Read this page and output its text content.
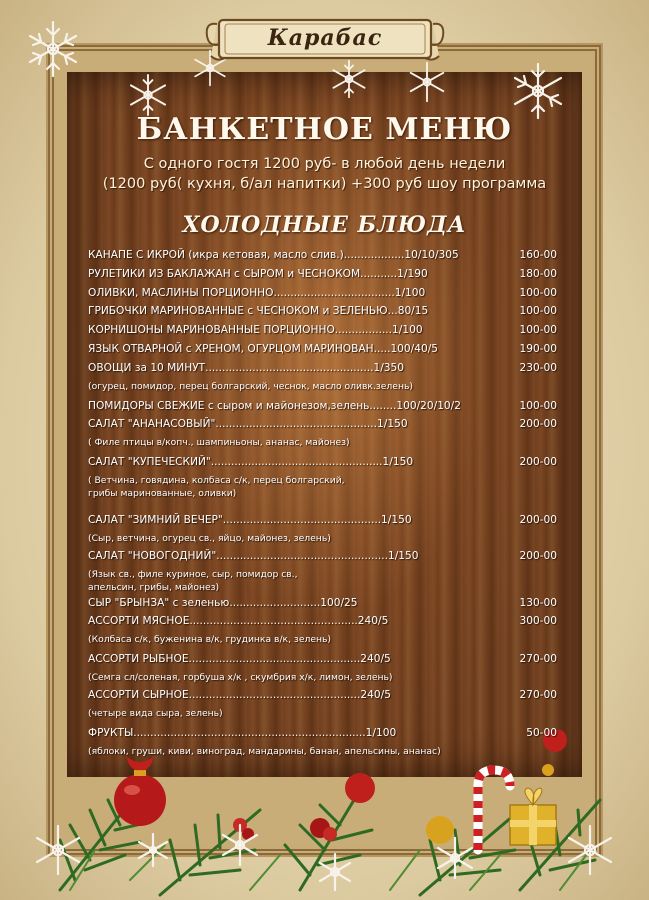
Карабас
БАНКЕТНОЕ МЕНЮ
С одного гостя 1200 руб- в любой день недели
(1200 руб( кухня, б/ал напитки) +300 руб шоу программа
ХОЛОДНЫЕ БЛЮДА
КАНАПЕ С ИКРОЙ (икра кетовая, масло слив.)..................10/10/305	160-00
РУЛЕТИКИ ИЗ БАКЛАЖАН с СЫРОМ и ЧЕСНОКОМ...........1/190	180-00
ОЛИВКИ, МАСЛИНЫ ПОРЦИОННО....................................1/100	100-00
ГРИБОЧКИ МАРИНОВАННЫЕ с ЧЕСНОКОМ и ЗЕЛЕНЬЮ...80/15	100-00
КОРНИШОНЫ МАРИНОВАННЫЕ ПОРЦИОННО.................1/100	100-00
ЯЗЫК ОТВАРНОЙ с ХРЕНОМ, ОГУРЦОМ МАРИНОВАН.....100/40/5	190-00
ОВОЩИ за 10 МИНУТ..................................................1/350	230-00
(огурец, помидор, перец болгарский, чеснок, масло оливк.зелень)
ПОМИДОРЫ СВЕЖИЕ с сыром и майонезом,зелень........100/20/10/2	100-00
САЛАТ "АНАНАСОВЫЙ"................................................1/150	200-00
( Филе птицы в/копч., шампиньоны, ананас, майонез)
САЛАТ "КУПЕЧЕСКИЙ"...................................................1/150	200-00
( Ветчина, говядина, колбаса с/к, перец болгарский,
грибы маринованные, оливки)
САЛАТ "ЗИМНИЙ ВЕЧЕР"...............................................1/150	200-00
(Сыр, ветчина, огурец св., яйцо, майонез, зелень)
САЛАТ "НОВОГОДНИЙ"...................................................1/150	200-00
(Язык св., филе куриное, сыр, помидор св.,
апельсин, грибы, майонез)
СЫР "БРЫНЗА" с зеленью...........................100/25	130-00
АССОРТИ МЯСНОЕ..................................................240/5	300-00
(Колбаса с/к, буженина в/к, грудинка в/к, зелень)
АССОРТИ РЫБНОЕ...................................................240/5	270-00
(Семга сл/соленая, горбуша х/к , скумбрия х/к, лимон, зелень)
АССОРТИ СЫРНОЕ...................................................240/5	270-00
(четыре вида сыра, зелень)
ФРУКТЫ.....................................................................1/100	50-00
(яблоки, груши, киви, виноград, мандарины, банан, апельсины, ананас)
